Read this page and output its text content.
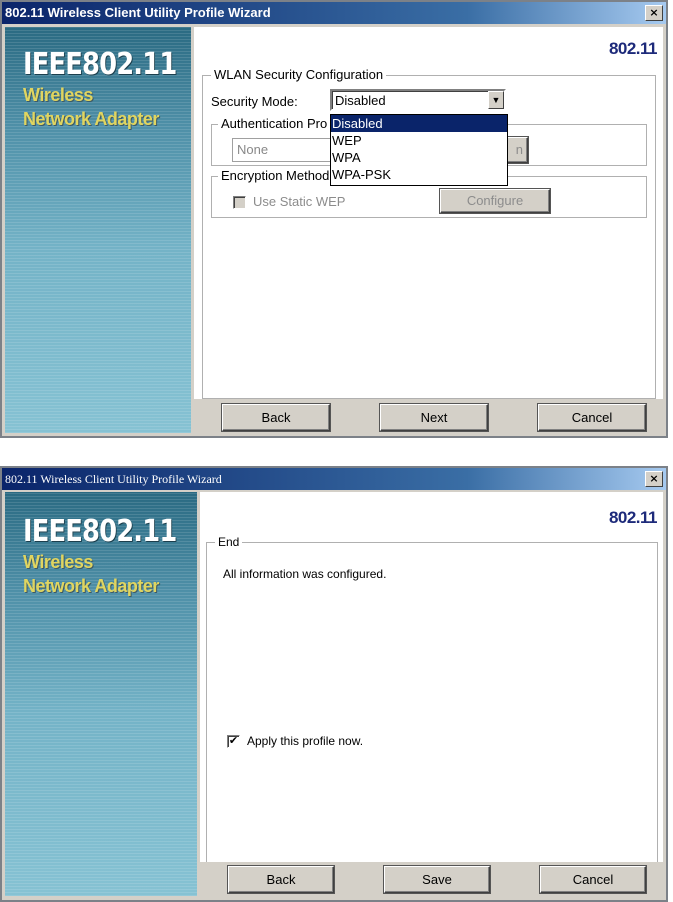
802.11 Wireless Client Utility Profile Wizard	×
IEEE802.11
Wireless
Network Adapter
802.11
WLAN Security Configuration
Authentication Pro
None	n
Encryption Method
Use Static WEP	Configure
Security Mode:	Disabled	▼
Disabled
WEP
WPA
WPA-PSK
Back	Next	Cancel
802.11 Wireless Client Utility Profile Wizard	×
IEEE802.11
Wireless
Network Adapter
802.11
End
All information was configured.
✔ Apply this profile now.
Back	Save	Cancel
